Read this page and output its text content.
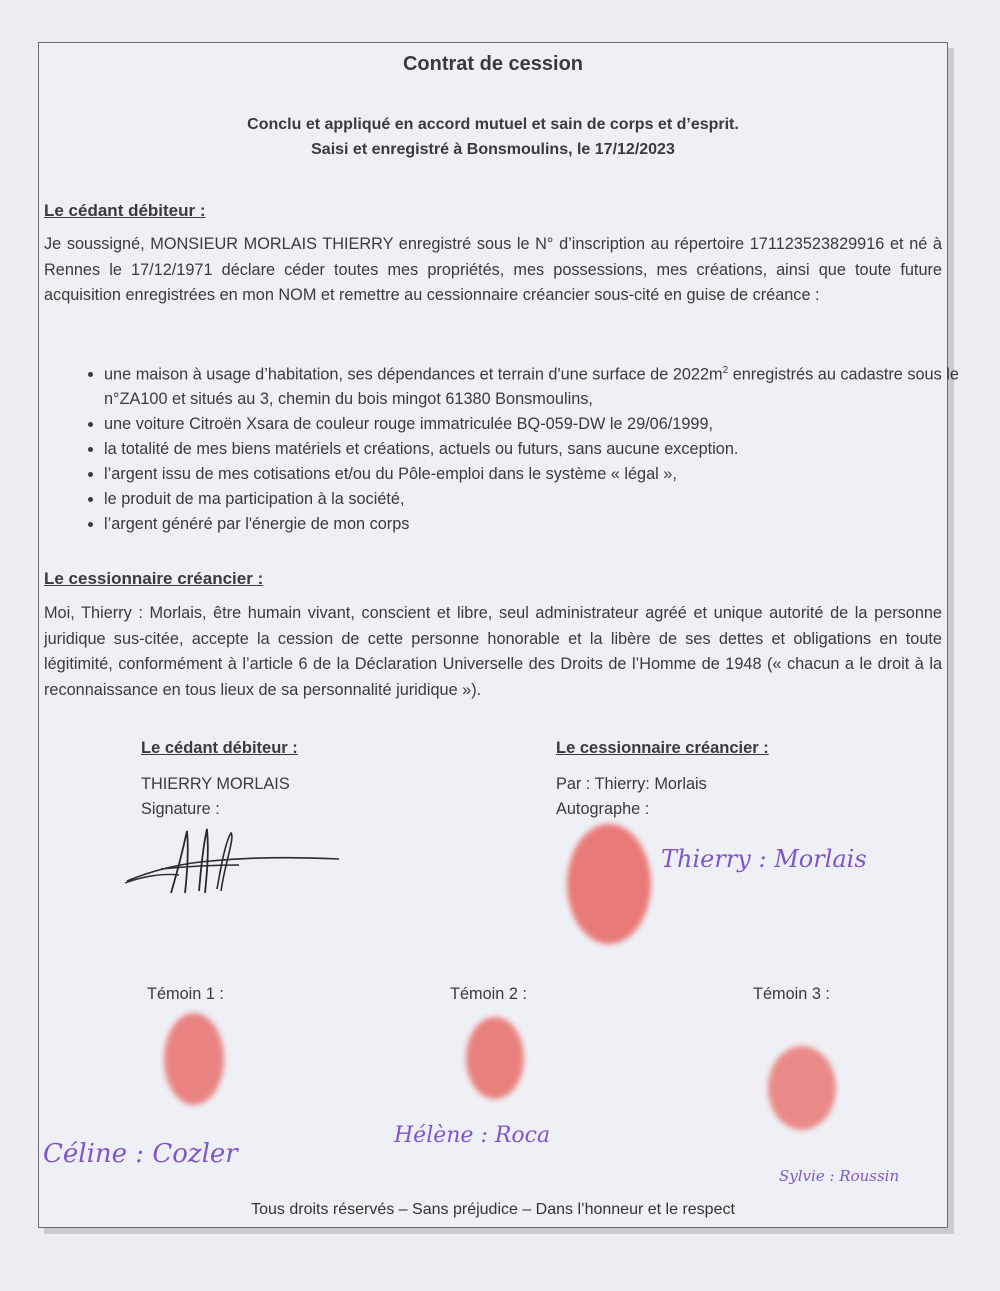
Contrat de cession
Conclu et appliqué en accord mutuel et sain de corps et d’esprit.
Saisi et enregistré à Bonsmoulins, le 17/12/2023
Le cédant débiteur :
Je soussigné, MONSIEUR MORLAIS THIERRY enregistré sous le N° d’inscription au répertoire 171123523829916 et né à Rennes le 17/12/1971 déclare céder toutes mes propriétés, mes possessions, mes créations, ainsi que toute future acquisition enregistrées en mon NOM et remettre au cessionnaire créancier sous-cité en guise de créance :
• une maison à usage d’habitation, ses dépendances et terrain d'une surface de $2022m^2$ enregistrés au cadastre sous le n°ZA100 et situés au 3, chemin du bois mingot 61380 Bonsmoulins,
• une voiture Citroën Xsara de couleur rouge immatriculée BQ-059-DW le 29/06/1999,
• la totalité de mes biens matériels et créations, actuels ou futurs, sans aucune exception.
• l’argent issu de mes cotisations et/ou du Pôle-emploi dans le système « légal »,
• le produit de ma participation à la société,
• l’argent généré par l'énergie de mon corps
Le cessionnaire créancier :
Moi, Thierry : Morlais, être humain vivant, conscient et libre, seul administrateur agréé et unique autorité de la personne juridique sus-citée, accepte la cession de cette personne honorable et la libère de ses dettes et obligations en toute légitimité, conformément à l’article 6 de la Déclaration Universelle des Droits de l’Homme de 1948 (« chacun a le droit à la reconnaissance en tous lieux de sa personnalité juridique »).
Le cédant débiteur :
THIERRY MORLAIS
Signature :
Le cessionnaire créancier :
Par : Thierry: Morlais
Autographe :
Thierry : Morlais
Témoin 1 :
Céline : Cozler
Témoin 2 :
Hélène : Roca
Témoin 3 :
Sylvie : Roussin
Tous droits réservés – Sans préjudice – Dans l’honneur et le respect
